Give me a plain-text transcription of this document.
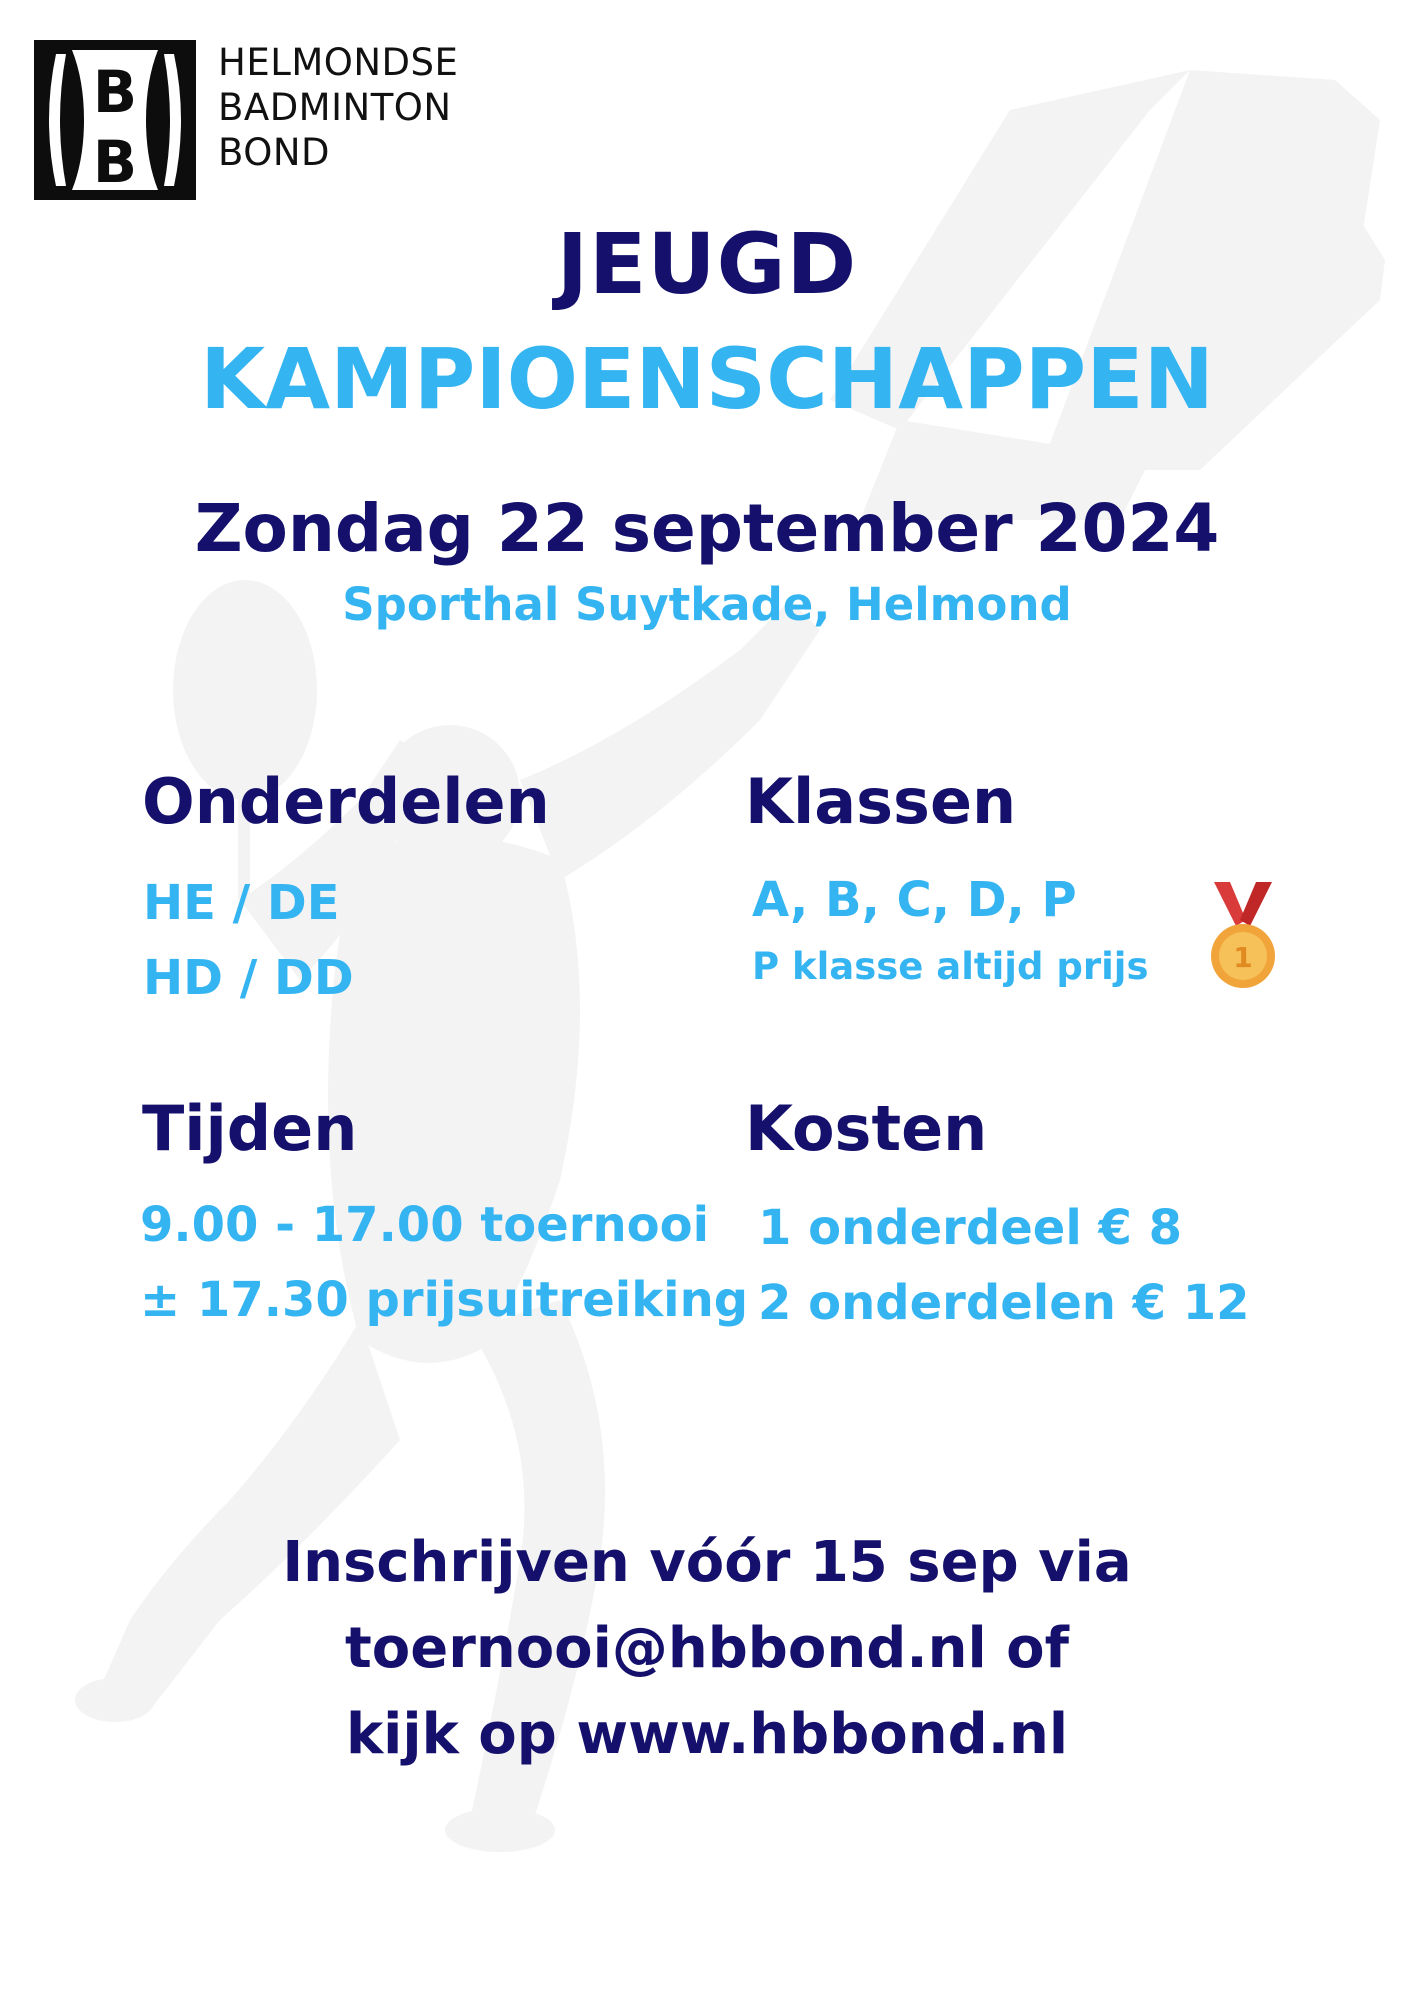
B
B
HELMONDSE
BADMINTON
BOND
JEUGD
KAMPIOENSCHAPPEN
Zondag 22 september 2024
Sporthal Suytkade, Helmond
Onderdelen
HE / DE
HD / DD
Klassen
A, B, C, D, P
P klasse altijd prijs	1
Tijden
9.00 - 17.00 toernooi
± 17.30 prijsuitreiking
Kosten
1 onderdeel € 8
2 onderdelen € 12
Inschrijven vóór 15 sep via
toernooi@hbbond.nl of
kijk op www.hbbond.nl
